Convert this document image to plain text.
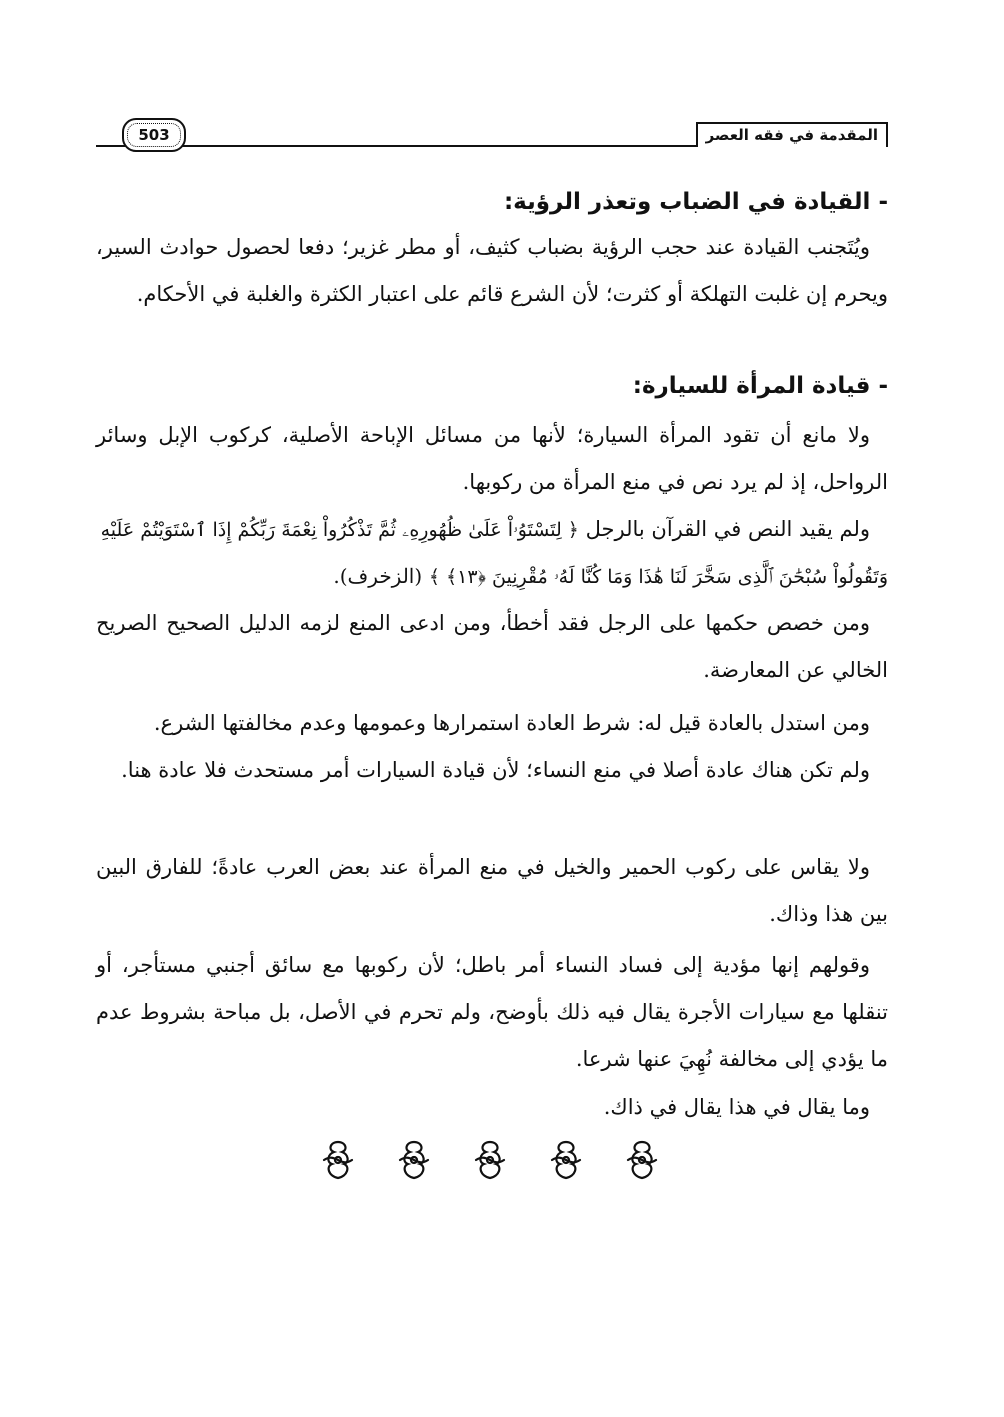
503	المقدمة في فقه العصر
- القيادة في الضباب وتعذر الرؤية:
ويُتَجنب القيادة عند حجب الرؤية بضباب كثيف، أو مطر غزير؛ دفعا لحصول حوادث السير، ويحرم إن غلبت التهلكة أو كثرت؛ لأن الشرع قائم على اعتبار الكثرة والغلبة في الأحكام.
- قيادة المرأة للسيارة:
ولا مانع أن تقود المرأة السيارة؛ لأنها من مسائل الإباحة الأصلية، كركوب الإبل وسائر الرواحل، إذ لم يرد نص في منع المرأة من ركوبها.
ولم يقيد النص في القرآن بالرجل ﴿ لِتَسْتَوُۥاْ عَلَىٰ ظُهُورِهِۦ ثُمَّ تَذْكُرُواْ نِعْمَةَ رَبِّكُمْ إِذَا ٱسْتَوَيْتُمْ عَلَيْهِ
وَتَقُولُواْ سُبْحَٰنَ ٱلَّذِى سَخَّرَ لَنَا هَٰذَا وَمَا كُنَّا لَهُۥ مُقْرِنِينَ ﴿١٣﴾ ﴾ (الزخرف).
ومن خصص حكمها على الرجل فقد أخطأ، ومن ادعى المنع لزمه الدليل الصحيح الصريح الخالي عن المعارضة.
ومن استدل بالعادة قيل له: شرط العادة استمرارها وعمومها وعدم مخالفتها الشرع.
ولم تكن هناك عادة أصلا في منع النساء؛ لأن قيادة السيارات أمر مستحدث فلا عادة هنا.
ولا يقاس على ركوب الحمير والخيل في منع المرأة عند بعض العرب عادةً؛ للفارق البين بين هذا وذاك.
وقولهم إنها مؤدية إلى فساد النساء أمر باطل؛ لأن ركوبها مع سائق أجنبي مستأجر، أو تنقلها مع سيارات الأجرة يقال فيه ذلك بأوضح، ولم تحرم في الأصل، بل مباحة بشروط عدم ما يؤدي إلى مخالفة نُهِيَ عنها شرعا.
وما يقال في هذا يقال في ذاك.
